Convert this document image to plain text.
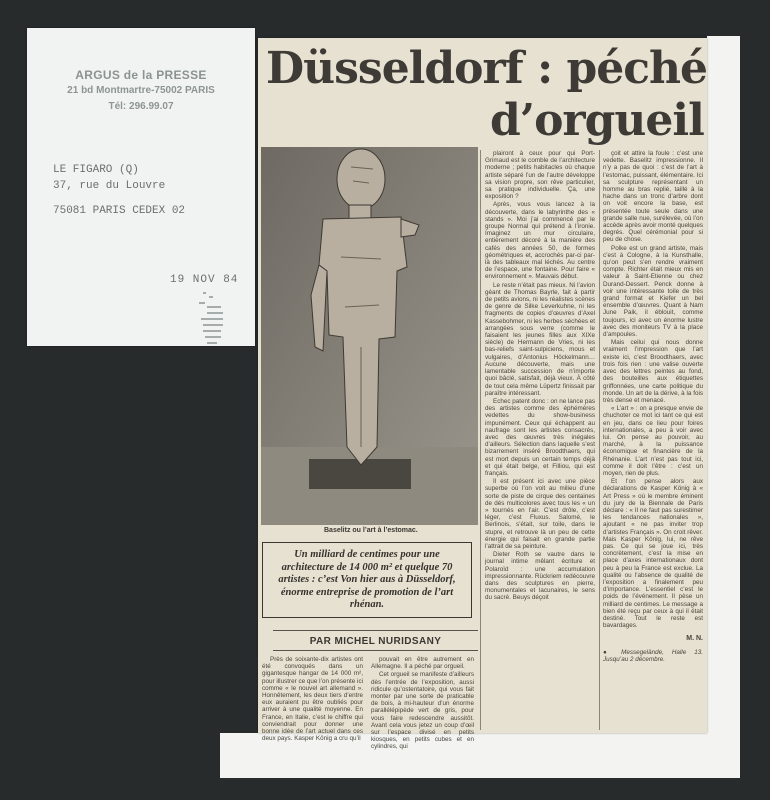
ARGUS de la PRESSE
21 bd Montmartre-75002 PARIS
Tél: 296.99.07
LE FIGARO (Q)
37, rue du Louvre
75081 PARIS CEDEX 02
19 NOV 84
Düsseldorf : péché
d’orgueil
Baselitz ou l’art à l’estomac.
Un milliard de centimes pour une architecture de 14 000 m² et quelque 70 artistes : c’est Von hier aus à Düsseldorf, énorme entreprise de promotion de l’art rhénan.
PAR MICHEL NURIDSANY

Près de soixante-dix artistes ont été convoqués dans un gigantesque hangar de 14 000 m², pour illustrer ce que l’on présente ici comme « le nouvel art allemand ». Honnêtement, les deux tiers d’entre eux auraient pu être oubliés pour arriver à une qualité moyenne. En France, en Italie, c’est le chiffre qui conviendrait pour donner une bonne idée de l’art actuel dans ces deux pays. Kasper König a cru qu’il

pouvait en être autrement en Allemagne. Il a péché par orgueil.

Cet orgueil se manifeste d’ailleurs dès l’entrée de l’exposition, aussi ridicule qu’ostentatoire, qui vous fait monter par une sorte de praticable de bois, à mi-hauteur d’un énorme parallélépipède vert de gris, pour vous faire redescendre aussitôt. Avant cela vous jetez un coup d’œil sur l’espace divisé en petits kiosques, en petits cubes et en cylindres, qui

plairont à ceux pour qui Port-Grimaud est le comble de l’architecture moderne ; petits habitacles où chaque artiste séparé l’un de l’autre développe sa vision propre, son rêve particulier, sa pratique individuelle. Ça, une exposition ?

Après, vous vous lancez à la découverte, dans le labyrinthe des « stands ». Moi j’ai commencé par le groupe Normal qui prétend à l’ironie. Imaginez un mur circulaire, entièrement décoré à la manière des cafés des années 50, de formes géométriques et, accrochés par-ci par-là des tableaux mal léchés. Au centre de l’espace, une fontaine. Pour faire « environnement ». Mauvais début.

Le reste n’était pas mieux. Ni l’avion géant de Thomas Bayrle, fait à partir de petits avions, ni les réalistes scènes de genre de Silke Leverkuhne, ni les fragments de copies d’œuvres d’Axel Kassebohmer, ni les herbes séchées et arrangées sous verre (comme le faisaient les jeunes filles aux XIXe siècle) de Hermann de Vries, ni les bas-reliefs saint-sulpiciens, mous et vulgaires, d’Antonius Höckelmann… Aucune découverte, mais une lamentable succession de n’importe quoi bâclé, satisfait, déjà vieux. À côté de tout cela même Lüpertz finissait par paraître intéressant.

Echec patent donc : on ne lance pas des artistes comme des éphémères vedettes du show-business impunément. Ceux qui échappent au naufrage sont les artistes consacrés, avec des œuvres très inégales d’ailleurs. Sélection dans laquelle s’est bizarrement inséré Broodthaers, qui est mort depuis un certain temps déjà et qui était belge, et Filliou, qui est français.

Il est présent ici avec une pièce superbe où l’on voit au milieu d’une sorte de piste de cirque des centaines de dés multicolores avec tous les « un » tournés en l’air. C’est drôle, c’est léger, c’est Fluxus. Salomé, le Berlinois, s’était, sur toile, dans le stupre, et retrouve là un peu de cette énergie qui faisait en grande partie l’attrait de sa peinture.

Dieter Roth se vautre dans le journal intime mêlant écriture et Polaroïd : une accumulation impressionnante. Rückriem redécouvre dans des sculptures en pierre, monumentales et lacunaires, le sens du sacré. Beuys déçoit

çoit et attire la foule : c’est une vedette. Baselitz impressionne. Il n’y a pas de quoi : c’est de l’art à l’estomac, puissant, élémentaire. Ici sa sculpture représentant un homme au bras replié, taillé à la hache dans un tronc d’arbre dont on voit encore la base, est présentée toute seule dans une grande salle nue, surélevée, où l’on accède après avoir monté quelques degrés. Quel cérémonial pour si peu de chose.

Polke est un grand artiste, mais c’est à Cologne, à la Kunsthalle, qu’on peut s’en rendre vraiment compte. Richter était mieux mis en valeur à Saint-Etienne ou chez Durand-Dessert. Penck donne à voir une intéressante toile de très grand format et Kiefer un bel ensemble d’œuvres. Quant à Nam June Paik, il éblouit, comme toujours, ici avec un énorme lustre avec des moniteurs TV à la place d’ampoules.

Mais ceilui qui nous donne vraiment l’impression que l’art existe ici, c’est Broodthaers, avec trois fois rien : une valise ouverte avec des lettres peintes au fond, des bouteilles aux étiquettes griffonnées, une carte politique du monde. Un art de la dérive, à la fois très dense et menacé.

« L’art » : on a presque envie de chuchoter ce mot ici tant ce qui est en jeu, dans ce lieu pour foires internationales, a peu à voir avec lui. On pense au pouvoir, au marché, à la puissance économique et financière de la Rhénanie. L’art n’est pas tout ici, comme il doit l’être : c’est un moyen, rien de plus.

Et l’on pense alors aux déclarations de Kasper König à « Art Press » où le membre éminent du jury de la Biennale de Paris déclare : « Il ne faut pas surestimer les tendances nationales », ajoutant « ne pas inviter trop d’artistes Français ». On croit rêver. Mais Kasper König, lui, ne rêve pas. Ce qui se joue ici, très concrètement, c’est la mise en place d’axes internationaux dont peu à peu la France est exclue. La qualité ou l’absence de qualité de l’exposition a finalement peu d’importance. L’essentiel c’est le poids de l’événement. Il pèse un milliard de centimes. Le message a bien été reçu par ceux à qui il était destiné. Tout le reste est bavardages.

M. N.

● Messegelände, Halle 13. Jusqu’au 2 décembre.
